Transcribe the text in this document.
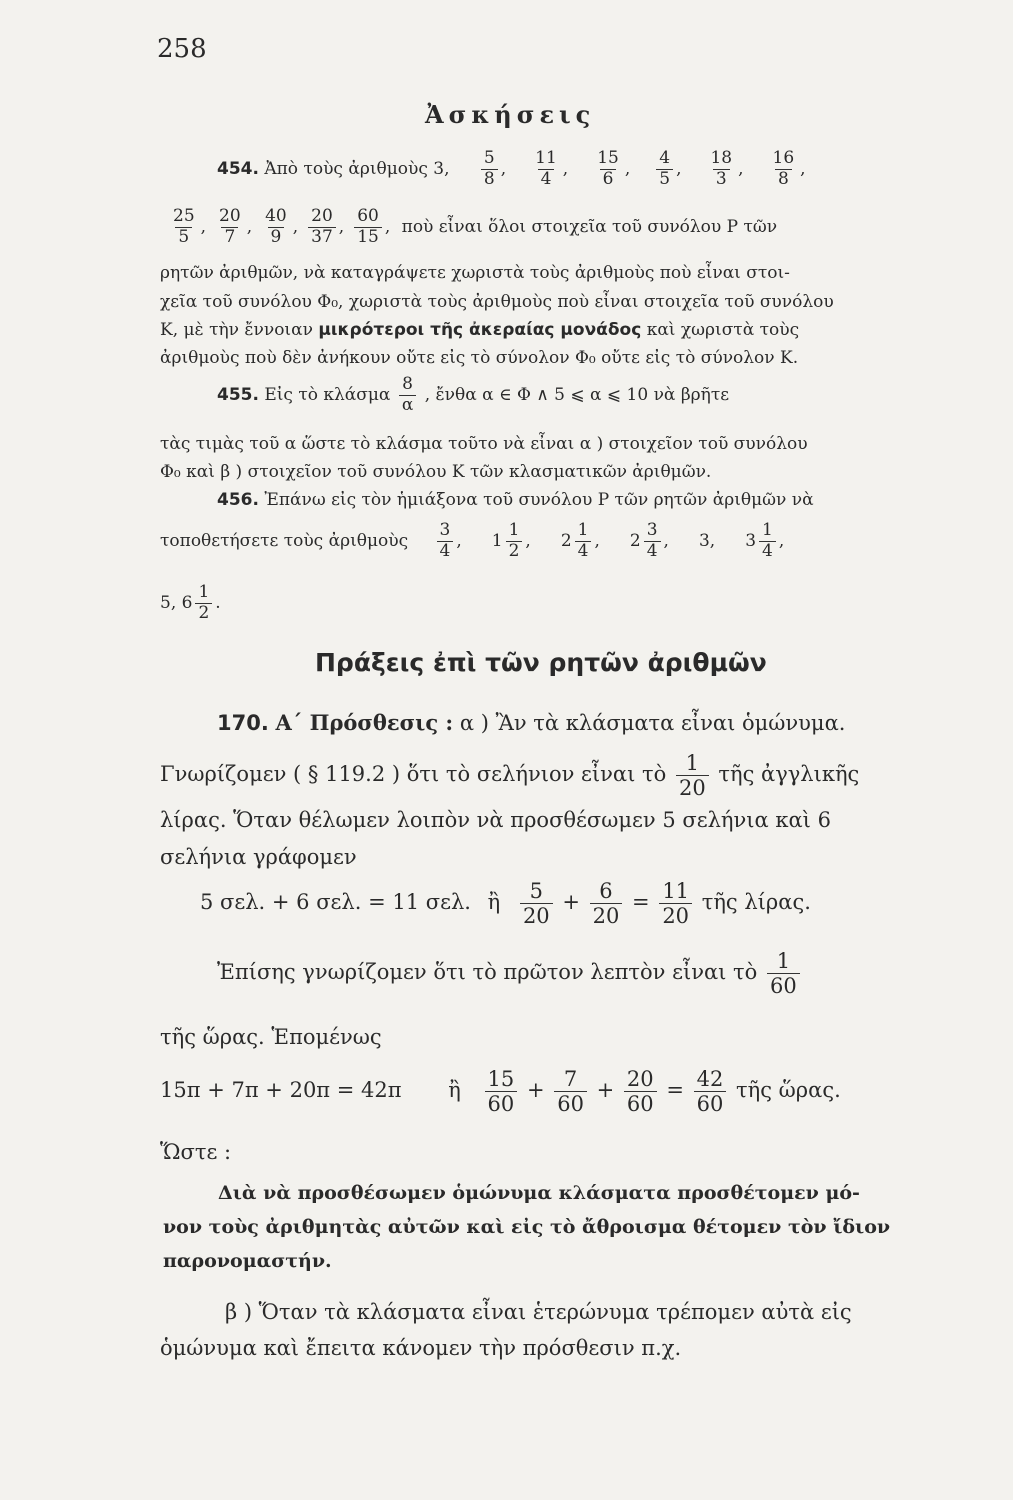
258
Ἀσκήσεις
454. Ἀπὸ τοὺς ἀριθμοὺς 3, $\frac{5}{8}$ , $\frac{11}{4}$ , $\frac{15}{6}$ , $\frac{4}{5}$ , $\frac{18}{3}$ , $\frac{16}{8}$ ,
$\frac{25}{5}$ , $\frac{20}{7}$ , $\frac{40}{9}$ , $\frac{20}{37}$ , $\frac{60}{15}$ , ποὺ εἶναι ὅλοι στοιχεῖα τοῦ συνόλου Ρ τῶν
ρητῶν ἀριθμῶν, νὰ καταγράψετε χωριστὰ τοὺς ἀριθμοὺς ποὺ εἶναι στοι-
χεῖα τοῦ συνόλου Φ₀, χωριστὰ τοὺς ἀριθμοὺς ποὺ εἶναι στοιχεῖα τοῦ συνόλου
Κ, μὲ τὴν ἔννοιαν μικρότεροι τῆς ἀκεραίας μονάδος καὶ χωριστὰ τοὺς
ἀριθμοὺς ποὺ δὲν ἀνήκουν οὔτε εἰς τὸ σύνολον Φ₀ οὔτε εἰς τὸ σύνολον Κ.
455. Εἰς τὸ κλάσμα $\frac{8}{\alpha}$ , ἔνθα α ∈ Φ ∧ 5 ⩽ α ⩽ 10 νὰ βρῆτε
τὰς τιμὰς τοῦ α ὥστε τὸ κλάσμα τοῦτο νὰ εἶναι α ) στοιχεῖον τοῦ συνόλου
Φ₀ καὶ β ) στοιχεῖον τοῦ συνόλου Κ τῶν κλασματικῶν ἀριθμῶν.
456. Ἐπάνω εἰς τὸν ἡμιάξονα τοῦ συνόλου Ρ τῶν ρητῶν ἀριθμῶν νὰ
τοποθετήσετε τοὺς ἀριθμοὺς $\frac{3}{4}$ , $1 \frac{1}{2}$ , $2 \frac{1}{4}$ , $2 \frac{3}{4}$ , 3, $3 \frac{1}{4}$ ,
5, $6 \frac{1}{2}$ .
Πράξεις ἐπὶ τῶν ρητῶν ἀριθμῶν
170. Α΄ Πρόσθεσις : α ) Ἂν τὰ κλάσματα εἶναι ὁμώνυμα.
Γνωρίζομεν ( § 119.2 ) ὅτι τὸ σελήνιον εἶναι τὸ $\frac{1}{20}$ τῆς ἀγγλικῆς
λίρας. Ὅταν θέλωμεν λοιπὸν νὰ προσθέσωμεν 5 σελήνια καὶ 6
σελήνια γράφομεν
5 σελ. + 6 σελ. = 11 σελ. ἢ $\frac{5}{20} + \frac{6}{20} = \frac{11}{20}$ τῆς λίρας.
Ἐπίσης γνωρίζομεν ὅτι τὸ πρῶτον λεπτὸν εἶναι τὸ $\frac{1}{60}$
τῆς ὥρας. Ἑπομένως
15π + 7π + 20π = 42π ἢ $\frac{15}{60} + \frac{7}{60} + \frac{20}{60} = \frac{42}{60}$ τῆς ὥρας.
Ὥστε :
Διὰ νὰ προσθέσωμεν ὁμώνυμα κλάσματα προσθέτομεν μό-
νον τοὺς ἀριθμητὰς αὐτῶν καὶ εἰς τὸ ἄθροισμα θέτομεν τὸν ἴδιον
παρονομαστήν.
β ) Ὅταν τὰ κλάσματα εἶναι ἑτερώνυμα τρέπομεν αὐτὰ εἰς
ὁμώνυμα καὶ ἔπειτα κάνομεν τὴν πρόσθεσιν π.χ.
